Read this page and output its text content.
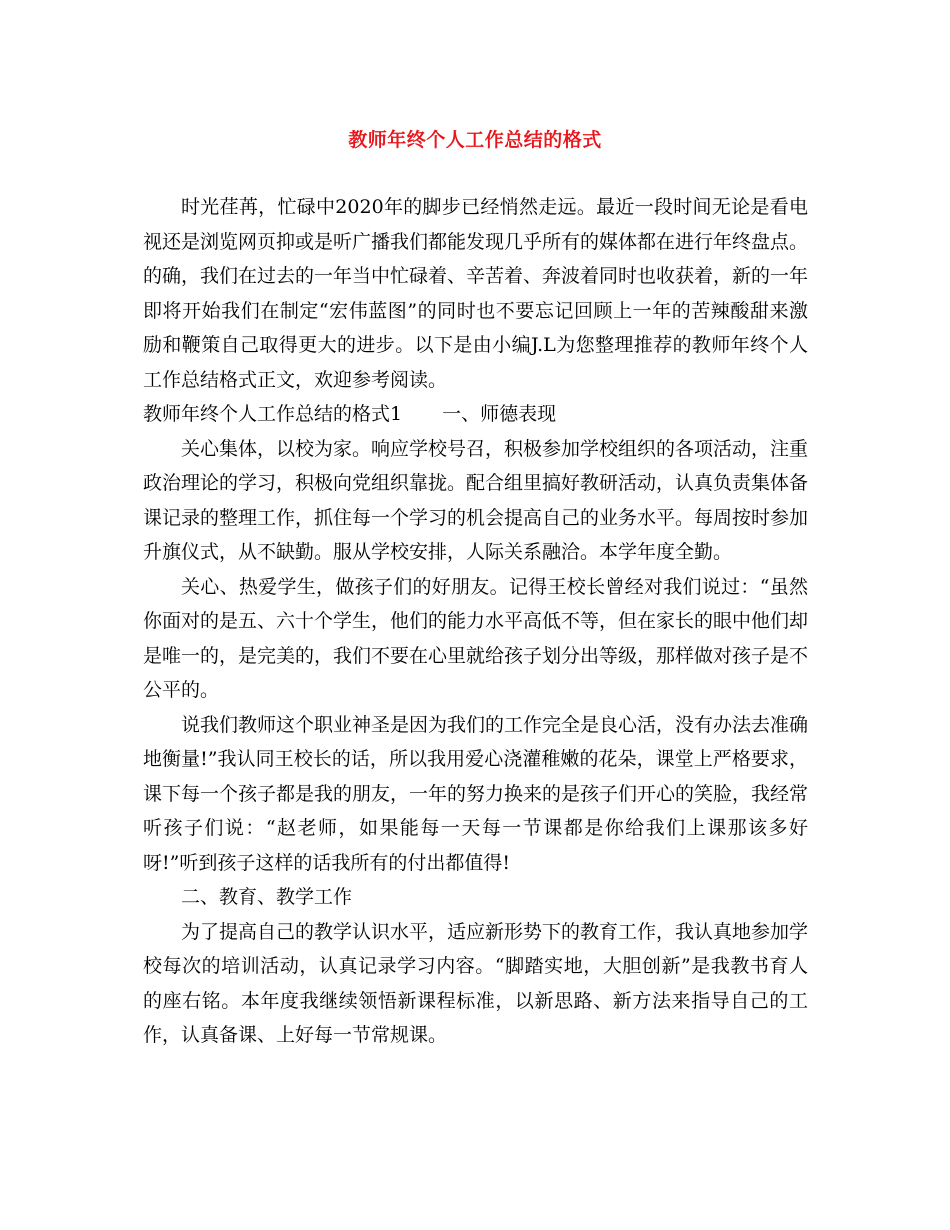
教师年终个人工作总结的格式

时光荏苒，忙碌中2020年的脚步已经悄然走远。最近一段时间无论是看电视还是浏览网页抑或是听广播我们都能发现几乎所有的媒体都在进行年终盘点。的确，我们在过去的一年当中忙碌着、辛苦着、奔波着同时也收获着，新的一年即将开始我们在制定“宏伟蓝图”的同时也不要忘记回顾上一年的苦辣酸甜来激励和鞭策自己取得更大的进步。以下是由小编J.L为您整理推荐的教师年终个人工作总结格式正文，欢迎参考阅读。

教师年终个人工作总结的格式1 一、师德表现

关心集体，以校为家。响应学校号召，积极参加学校组织的各项活动，注重政治理论的学习，积极向党组织靠拢。配合组里搞好教研活动，认真负责集体备课记录的整理工作，抓住每一个学习的机会提高自己的业务水平。每周按时参加升旗仪式，从不缺勤。服从学校安排，人际关系融洽。本学年度全勤。

关心、热爱学生，做孩子们的好朋友。记得王校长曾经对我们说过：“虽然你面对的是五、六十个学生，他们的能力水平高低不等，但在家长的眼中他们却是唯一的，是完美的，我们不要在心里就给孩子划分出等级，那样做对孩子是不公平的。

说我们教师这个职业神圣是因为我们的工作完全是良心活，没有办法去准确地衡量!”我认同王校长的话，所以我用爱心浇灌稚嫩的花朵，课堂上严格要求，课下每一个孩子都是我的朋友，一年的努力换来的是孩子们开心的笑脸，我经常听孩子们说：“赵老师，如果能每一天每一节课都是你给我们上课那该多好呀!”听到孩子这样的话我所有的付出都值得!

二、教育、教学工作

为了提高自己的教学认识水平，适应新形势下的教育工作，我认真地参加学校每次的培训活动，认真记录学习内容。“脚踏实地，大胆创新”是我教书育人的座右铭。本年度我继续领悟新课程标准，以新思路、新方法来指导自己的工作，认真备课、上好每一节常规课。
